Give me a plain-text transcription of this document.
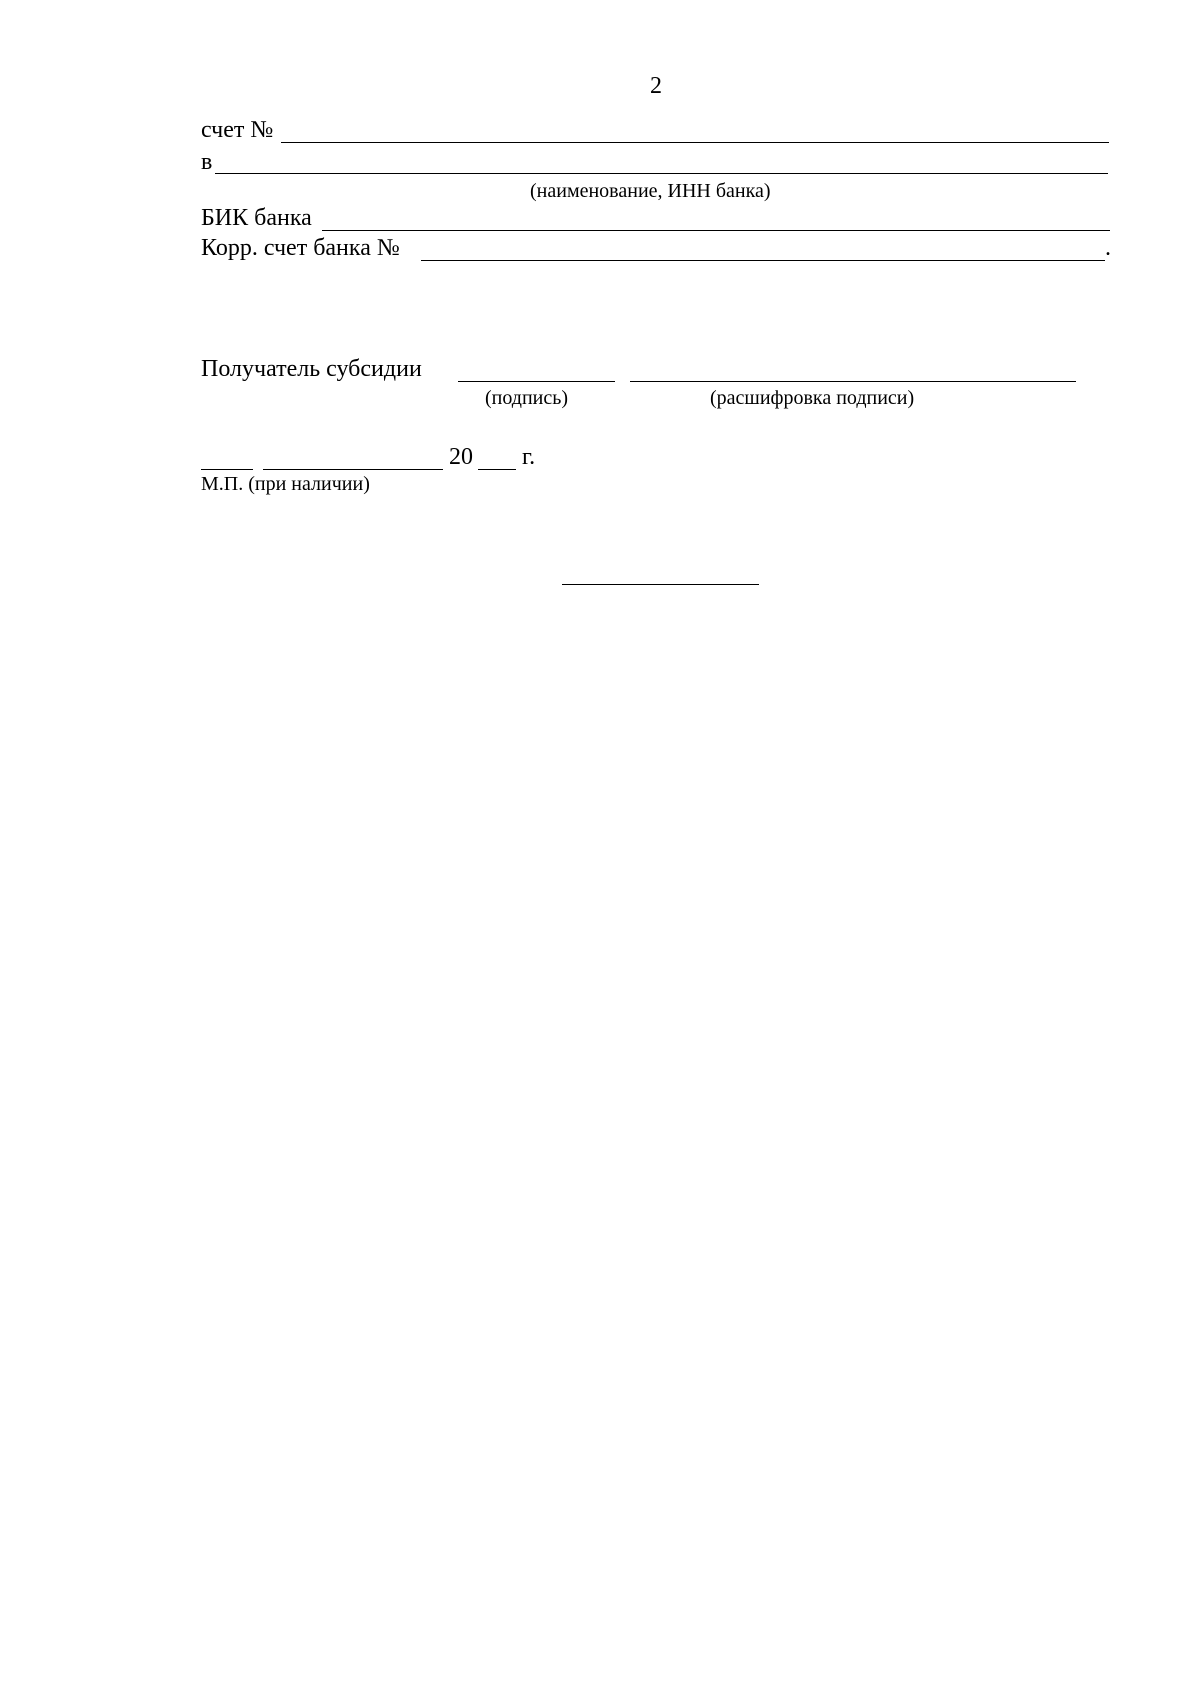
2
счет №
в
(наименование, ИНН банка)
БИК банка
Корр. счет банка №	.
Получатель субсидии
(подпись)	(расшифровка подписи)
20 г.
М.П. (при наличии)
